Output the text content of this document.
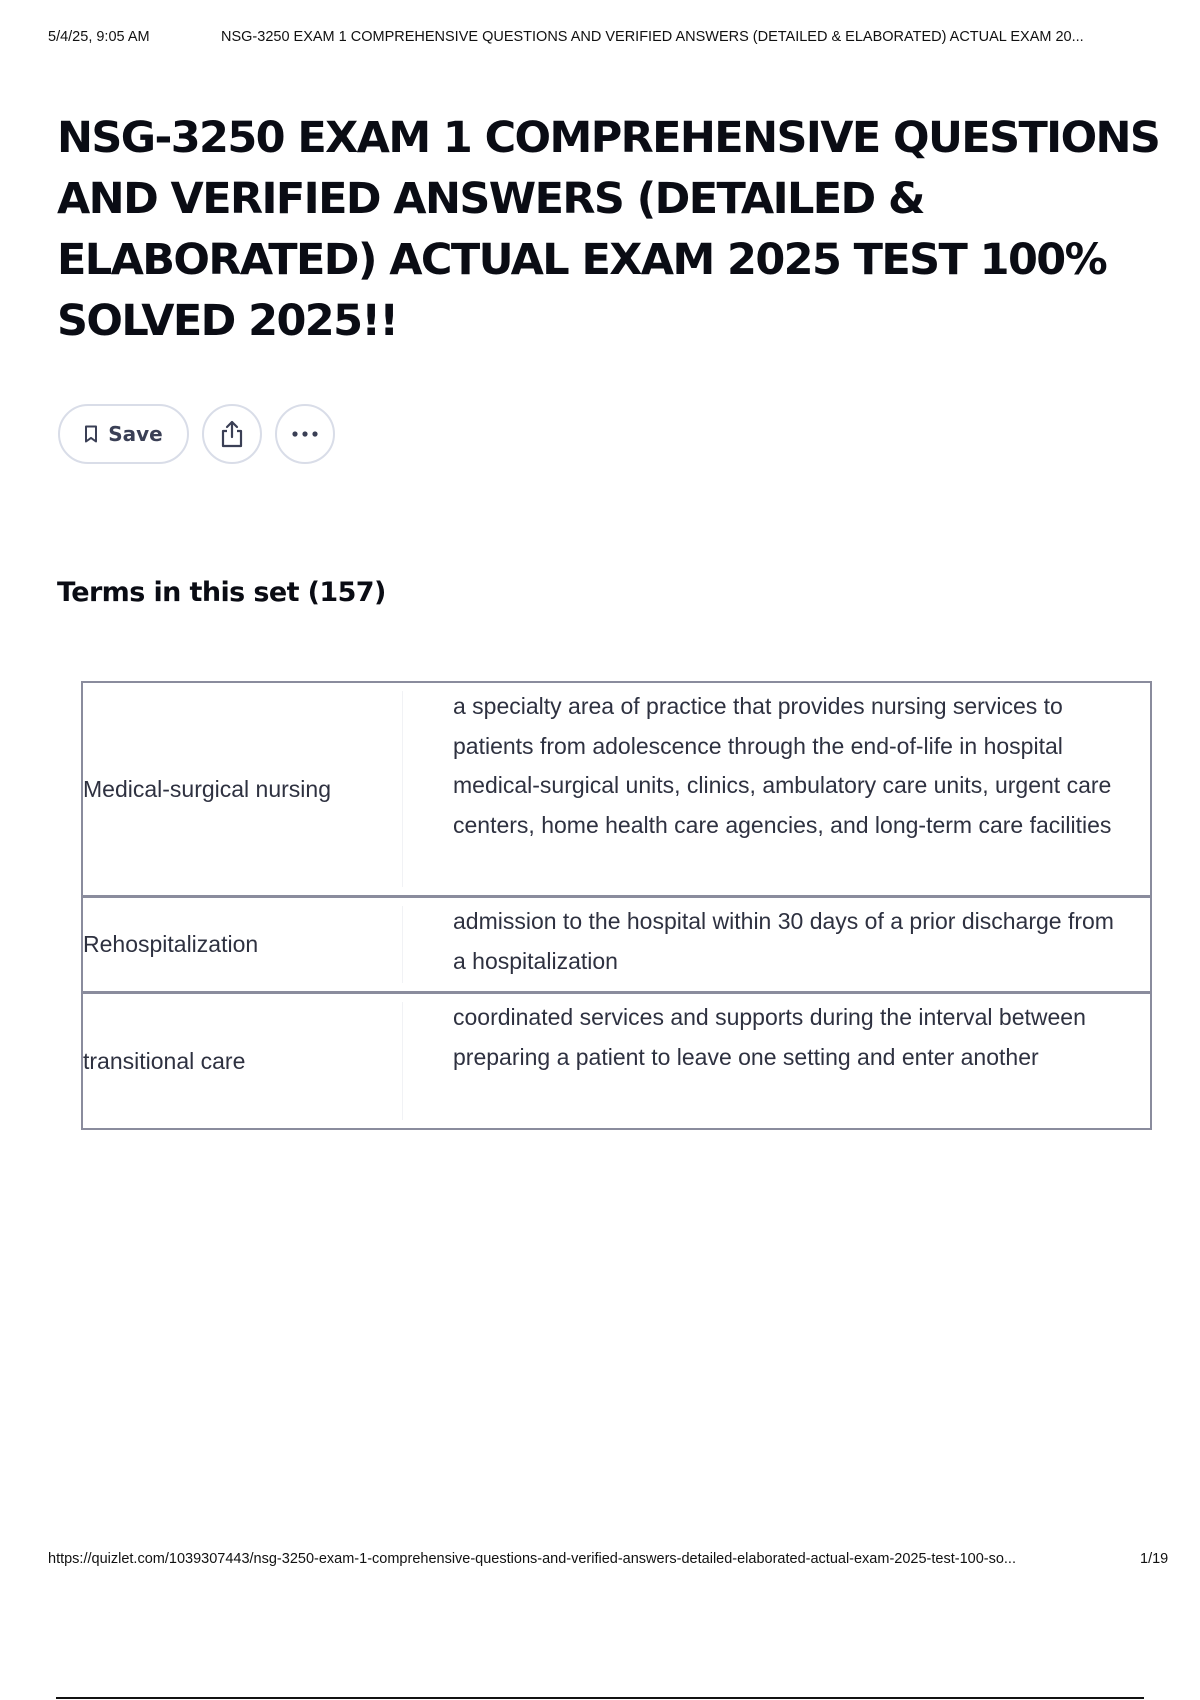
5/4/25, 9:05 AM	NSG-3250 EXAM 1 COMPREHENSIVE QUESTIONS AND VERIFIED ANSWERS (DETAILED & ELABORATED) ACTUAL EXAM 20...
NSG-3250 EXAM 1 COMPREHENSIVE QUESTIONS AND VERIFIED ANSWERS (DETAILED & ELABORATED) ACTUAL EXAM 2025 TEST 100% SOLVED 2025!!
Save
Terms in this set (157)
Medical-surgical nursing
a specialty area of practice that provides nursing services to patients from adolescence through the end-of-life in hospital medical-surgical units, clinics, ambulatory care units, urgent care centers, home health care agencies, and long-term care facilities
Rehospitalization
admission to the hospital within 30 days of a prior discharge from a hospitalization
transitional care
coordinated services and supports during the interval between preparing a patient to leave one setting and enter another
https://quizlet.com/1039307443/nsg-3250-exam-1-comprehensive-questions-and-verified-answers-detailed-elaborated-actual-exam-2025-test-100-so...	1/19
